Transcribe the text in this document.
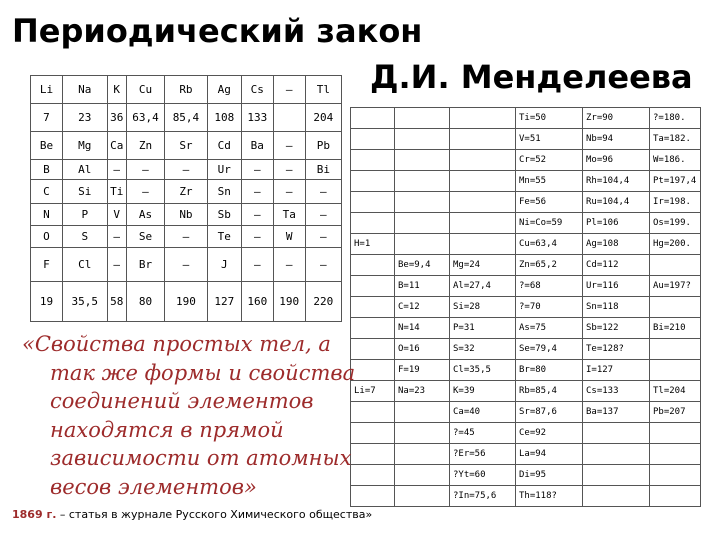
Периодический закон
Д.И. Менделеева
Li	Na	K	Cu	Rb	Ag	Cs	–	Tl
7	23	36	63,4	85,4	108	133		204
Be	Mg	Ca	Zn	Sr	Cd	Ba	–	Pb
B	Al	–	–	–	Ur	–	–	Bi
C	Si	Ti	–	Zr	Sn	–	–	–
N	P	V	As	Nb	Sb	–	Ta	–
O	S	–	Se	–	Te	–	W	–
F	Cl	–	Br	–	J	–	–	–
19	35,5	58	80	190	127	160	190	220
			Ti=50	Zr=90	?=180.
			V=51	Nb=94	Ta=182.
			Cr=52	Mo=96	W=186.
			Mn=55	Rh=104,4	Pt=197,4
			Fe=56	Ru=104,4	Ir=198.
			Ni=Co=59	Pl=106	Os=199.
H=1			Cu=63,4	Ag=108	Hg=200.
	Be=9,4	Mg=24	Zn=65,2	Cd=112	
	B=11	Al=27,4	?=68	Ur=116	Au=197?
	C=12	Si=28	?=70	Sn=118	
	N=14	P=31	As=75	Sb=122	Bi=210
	O=16	S=32	Se=79,4	Te=128?	
	F=19	Cl=35,5	Br=80	I=127	
Li=7	Na=23	K=39	Rb=85,4	Cs=133	Tl=204
		Ca=40	Sr=87,6	Ba=137	Pb=207
		?=45	Ce=92		
		?Er=56	La=94		
		?Yt=60	Di=95		
		?In=75,6	Th=118?		
«Свойства простых тел, а
так же формы и свойства
соединений элементов
находятся в прямой
зависимости от атомных
весов элементов»
1869 г. – статья в журнале Русского Химического общества»
